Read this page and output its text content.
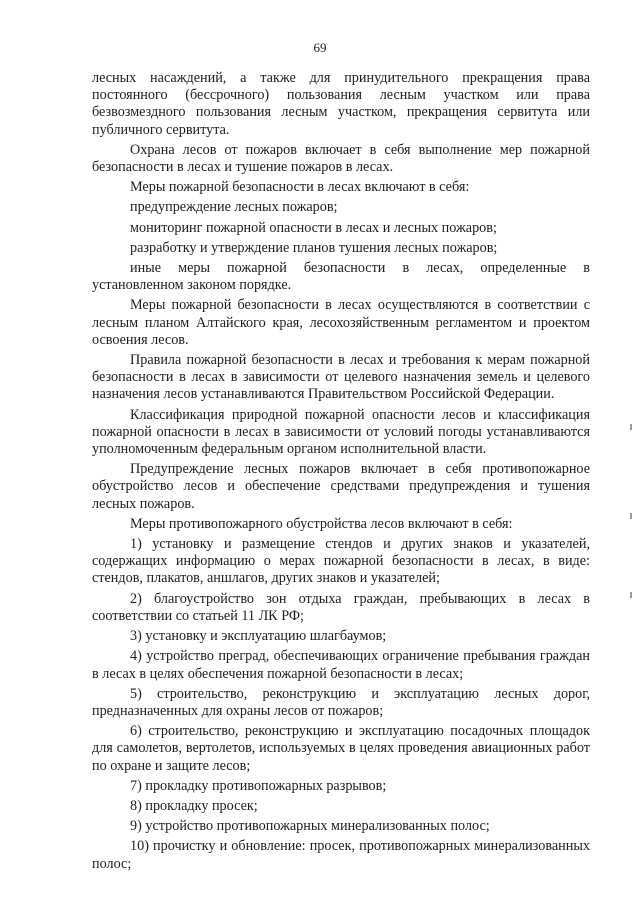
69

лесных насаждений, а также для принудительного прекращения права постоянного (бессрочного) пользования лесным участком или права безвозмездного пользования лесным участком, прекращения сервитута или публичного сервитута.

Охрана лесов от пожаров включает в себя выполнение мер пожарной безопасности в лесах и тушение пожаров в лесах.

Меры пожарной безопасности в лесах включают в себя:

предупреждение лесных пожаров;

мониторинг пожарной опасности в лесах и лесных пожаров;

разработку и утверждение планов тушения лесных пожаров;

иные меры пожарной безопасности в лесах, определенные в установленном законом порядке.

Меры пожарной безопасности в лесах осуществляются в соответствии с лесным планом Алтайского края, лесохозяйственным регламентом и проектом освоения лесов.

Правила пожарной безопасности в лесах и требования к мерам пожарной безопасности в лесах в зависимости от целевого назначения земель и целевого назначения лесов устанавливаются Правительством Российской Федерации.

Классификация природной пожарной опасности лесов и классификация пожарной опасности в лесах в зависимости от условий погоды устанавливаются уполномоченным федеральным органом исполнительной власти.

Предупреждение лесных пожаров включает в себя противопожарное обустройство лесов и обеспечение средствами предупреждения и тушения лесных пожаров.

Меры противопожарного обустройства лесов включают в себя:

1) установку и размещение стендов и других знаков и указателей, содержащих информацию о мерах пожарной безопасности в лесах, в виде: стендов, плакатов, аншлагов, других знаков и указателей;

2) благоустройство зон отдыха граждан, пребывающих в лесах в соответствии со статьей 11 ЛК РФ;

3) установку и эксплуатацию шлагбаумов;

4) устройство преград, обеспечивающих ограничение пребывания граждан в лесах в целях обеспечения пожарной безопасности в лесах;

5) строительство, реконструкцию и эксплуатацию лесных дорог, предназначенных для охраны лесов от пожаров;

6) строительство, реконструкцию и эксплуатацию посадочных площадок для самолетов, вертолетов, используемых в целях проведения авиационных работ по охране и защите лесов;

7) прокладку противопожарных разрывов;

8) прокладку просек;

9) устройство противопожарных минерализованных полос;

10) прочистку и обновление: просек, противопожарных минерализованных полос;
